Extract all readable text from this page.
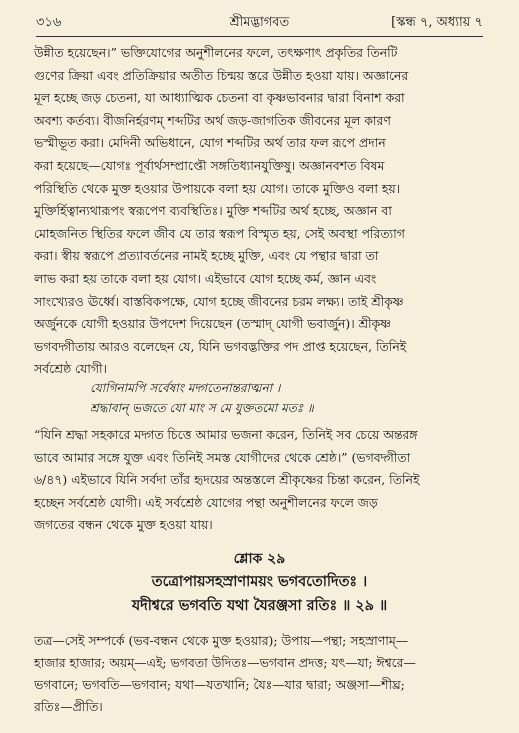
৩১৬	শ্রীমদ্ভাগবত	[স্কন্ধ ৭, অধ্যায় ৭
উন্নীত হয়েছেন।” ভক্তিযোগের অনুশীলনের ফলে, তৎক্ষণাৎ প্রকৃতির তিনটি
গুণের ক্রিয়া এবং প্রতিক্রিয়ার অতীত চিন্ময় স্তরে উন্নীত হওয়া যায়। অজ্ঞানের
মূল হচ্ছে জড় চেতনা, যা আধ্যাত্মিক চেতনা বা কৃষ্ণভাবনার দ্বারা বিনাশ করা
অবশ্য কর্তব্য। বীজনির্হরণম্ শব্দটির অর্থ জড়-জাগতিক জীবনের মূল কারণ
ভস্মীভূত করা। মেদিনী অভিধানে, যোগ শব্দটির অর্থ তার ফল রূপে প্রদান
করা হয়েছে—যোগঃ পূর্বার্থসম্প্রাপ্তৌ সঙ্গতিধ্যানযুক্তিষু। অজ্ঞানবশত বিষম
পরিস্থিতি থেকে মুক্ত হওয়ার উপায়কে বলা হয় যোগ। তাকে মুক্তিও বলা হয়।
মুক্তির্হিত্বান্যথারূপং স্বরূপেণ ব্যবস্থিতিঃ। মুক্তি শব্দটির অর্থ হচ্ছে, অজ্ঞান বা
মোহজনিত স্থিতির ফলে জীব যে তার স্বরূপ বিস্মৃত হয়, সেই অবস্থা পরিত্যাগ
করা। স্বীয় স্বরূপে প্রত্যাবর্তনের নামই হচ্ছে মুক্তি, এবং যে পন্থার দ্বারা তা
লাভ করা হয় তাকে বলা হয় যোগ। এইভাবে যোগ হচ্ছে কর্ম, জ্ঞান এবং
সাংখ্যেরও ঊর্ধ্বে। বাস্তবিকপক্ষে, যোগ হচ্ছে জীবনের চরম লক্ষ্য। তাই শ্রীকৃষ্ণ
অর্জুনকে যোগী হওয়ার উপদেশ দিয়েছেন (তস্মাদ্ যোগী ভবার্জুন)। শ্রীকৃষ্ণ
ভগবদ্গীতায় আরও বলেছেন যে, যিনি ভগবদ্ভক্তির পদ প্রাপ্ত হয়েছেন, তিনিই
সর্বশ্রেষ্ঠ যোগী।
যোগিনামপি সর্বেষাং মদ্গতেনান্তরাত্মনা ।
শ্রদ্ধাবান্ ভজতে যো মাং স মে যুক্ততমো মতঃ ॥
“যিনি শ্রদ্ধা সহকারে মদ্গত চিত্তে আমার ভজনা করেন, তিনিই সব চেয়ে অন্তরঙ্গ
ভাবে আমার সঙ্গে যুক্ত এবং তিনিই সমস্ত যোগীদের থেকে শ্রেষ্ঠ।” (ভগবদ্গীতা
৬/৪৭) এইভাবে যিনি সর্বদা তাঁর হৃদয়ের অন্তস্তলে শ্রীকৃষ্ণের চিন্তা করেন, তিনিই
হচ্ছেন সর্বশ্রেষ্ঠ যোগী। এই সর্বশ্রেষ্ঠ যোগের পন্থা অনুশীলনের ফলে জড়
জগতের বন্ধন থেকে মুক্ত হওয়া যায়।
শ্লোক ২৯
তত্রোপায়সহস্রাণাময়ং ভগবতোদিতঃ ।
যদীশ্বরে ভগবতি যথা যৈরঞ্জসা রতিঃ ॥ ২৯ ॥
তত্র—সেই সম্পর্কে (ভব-বন্ধন থেকে মুক্ত হওয়ার); উপায়—পন্থা; সহস্রাণাম্—
হাজার হাজার; অয়ম্—এই; ভগবতা উদিতঃ—ভগবান প্রদত্ত; যৎ—যা; ঈশ্বরে—
ভগবানে; ভগবতি—ভগবান; যথা—যতখানি; যৈঃ—যার দ্বারা; অঞ্জসা—শীঘ্র;
রতিঃ—প্রীতি।
